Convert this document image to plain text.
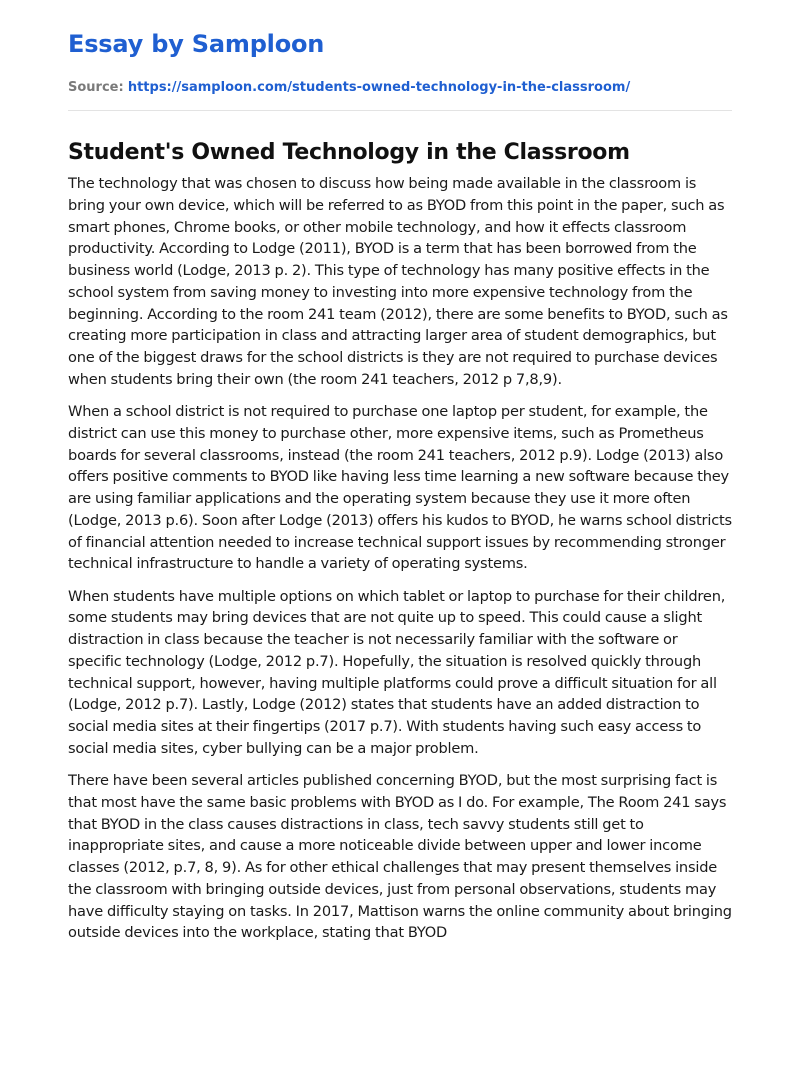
Essay by Samploon
Source: https://samploon.com/students-owned-technology-in-the-classroom/
Student's Owned Technology in the Classroom

The technology that was chosen to discuss how being made available in the classroom is bring your own device, which will be referred to as BYOD from this point in the paper, such as smart phones, Chrome books, or other mobile technology, and how it effects classroom productivity. According to Lodge (2011), BYOD is a term that has been borrowed from the business world (Lodge, 2013 p. 2). This type of technology has many positive effects in the school system from saving money to investing into more expensive technology from the beginning. According to the room 241 team (2012), there are some benefits to BYOD, such as creating more participation in class and attracting larger area of student demographics, but one of the biggest draws for the school districts is they are not required to purchase devices when students bring their own (the room 241 teachers, 2012 p 7,8,9).

When a school district is not required to purchase one laptop per student, for example, the district can use this money to purchase other, more expensive items, such as Prometheus boards for several classrooms, instead (the room 241 teachers, 2012 p.9). Lodge (2013) also offers positive comments to BYOD like having less time learning a new software because they are using familiar applications and the operating system because they use it more often (Lodge, 2013 p.6). Soon after Lodge (2013) offers his kudos to BYOD, he warns school districts of financial attention needed to increase technical support issues by recommending stronger technical infrastructure to handle a variety of operating systems.

When students have multiple options on which tablet or laptop to purchase for their children, some students may bring devices that are not quite up to speed. This could cause a slight distraction in class because the teacher is not necessarily familiar with the software or specific technology (Lodge, 2012 p.7). Hopefully, the situation is resolved quickly through technical support, however, having multiple platforms could prove a difficult situation for all (Lodge, 2012 p.7). Lastly, Lodge (2012) states that students have an added distraction to social media sites at their fingertips (2017 p.7). With students having such easy access to social media sites, cyber bullying can be a major problem.

There have been several articles published concerning BYOD, but the most surprising fact is that most have the same basic problems with BYOD as I do. For example, The Room 241 says that BYOD in the class causes distractions in class, tech savvy students still get to inappropriate sites, and cause a more noticeable divide between upper and lower income classes (2012, p.7, 8, 9). As for other ethical challenges that may present themselves inside the classroom with bringing outside devices, just from personal observations, students may have difficulty staying on tasks. In 2017, Mattison warns the online community about bringing outside devices into the workplace, stating that BYOD
